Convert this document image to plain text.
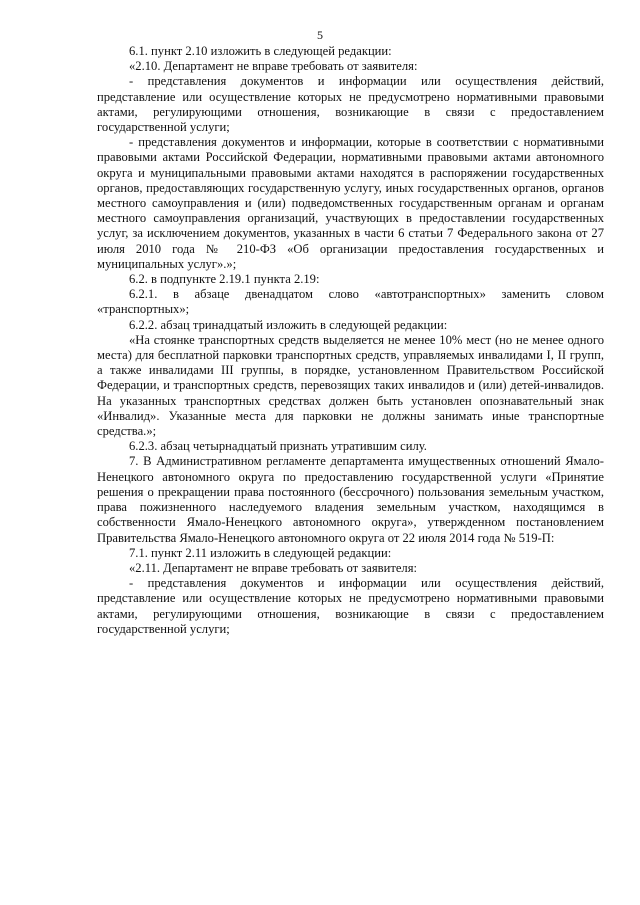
5

6.1. пункт 2.10 изложить в следующей редакции:

«2.10. Департамент не вправе требовать от заявителя:

- представления документов и информации или осуществления действий, представление или осуществление которых не предусмотрено нормативными правовыми актами, регулирующими отношения, возникающие в связи с предоставлением государственной услуги;

- представления документов и информации, которые в соответствии с нормативными правовыми актами Российской Федерации, нормативными правовыми актами автономного округа и муниципальными правовыми актами находятся в распоряжении государственных органов, предоставляющих государственную услугу, иных государственных органов, органов местного самоуправления и (или) подведомственных государственным органам и органам местного самоуправления организаций, участвующих в предоставлении государственных услуг, за исключением документов, указанных в части 6 статьи 7 Федерального закона от 27 июля 2010 года № 210-ФЗ «Об организации предоставления государственных и муниципальных услуг».»;

6.2. в подпункте 2.19.1 пункта 2.19:

6.2.1. в абзаце двенадцатом слово «автотранспортных» заменить словом «транспортных»;

6.2.2. абзац тринадцатый изложить в следующей редакции:

«На стоянке транспортных средств выделяется не менее 10% мест (но не менее одного места) для бесплатной парковки транспортных средств, управляемых инвалидами I, II групп, а также инвалидами III группы, в порядке, установленном Правительством Российской Федерации, и транспортных средств, перевозящих таких инвалидов и (или) детей-инвалидов. На указанных транспортных средствах должен быть установлен опознавательный знак «Инвалид». Указанные места для парковки не должны занимать иные транспортные средства.»;

6.2.3. абзац четырнадцатый признать утратившим силу.

7. В Административном регламенте департамента имущественных отношений Ямало-Ненецкого автономного округа по предоставлению государственной услуги «Принятие решения о прекращении права постоянного (бессрочного) пользования земельным участком, права пожизненного наследуемого владения земельным участком, находящимся в собственности Ямало-Ненецкого автономного округа», утвержденном постановлением Правительства Ямало-Ненецкого автономного округа от 22 июля 2014 года № 519-П:

7.1. пункт 2.11 изложить в следующей редакции:

«2.11. Департамент не вправе требовать от заявителя:

- представления документов и информации или осуществления действий, представление или осуществление которых не предусмотрено нормативными правовыми актами, регулирующими отношения, возникающие в связи с предоставлением государственной услуги;
